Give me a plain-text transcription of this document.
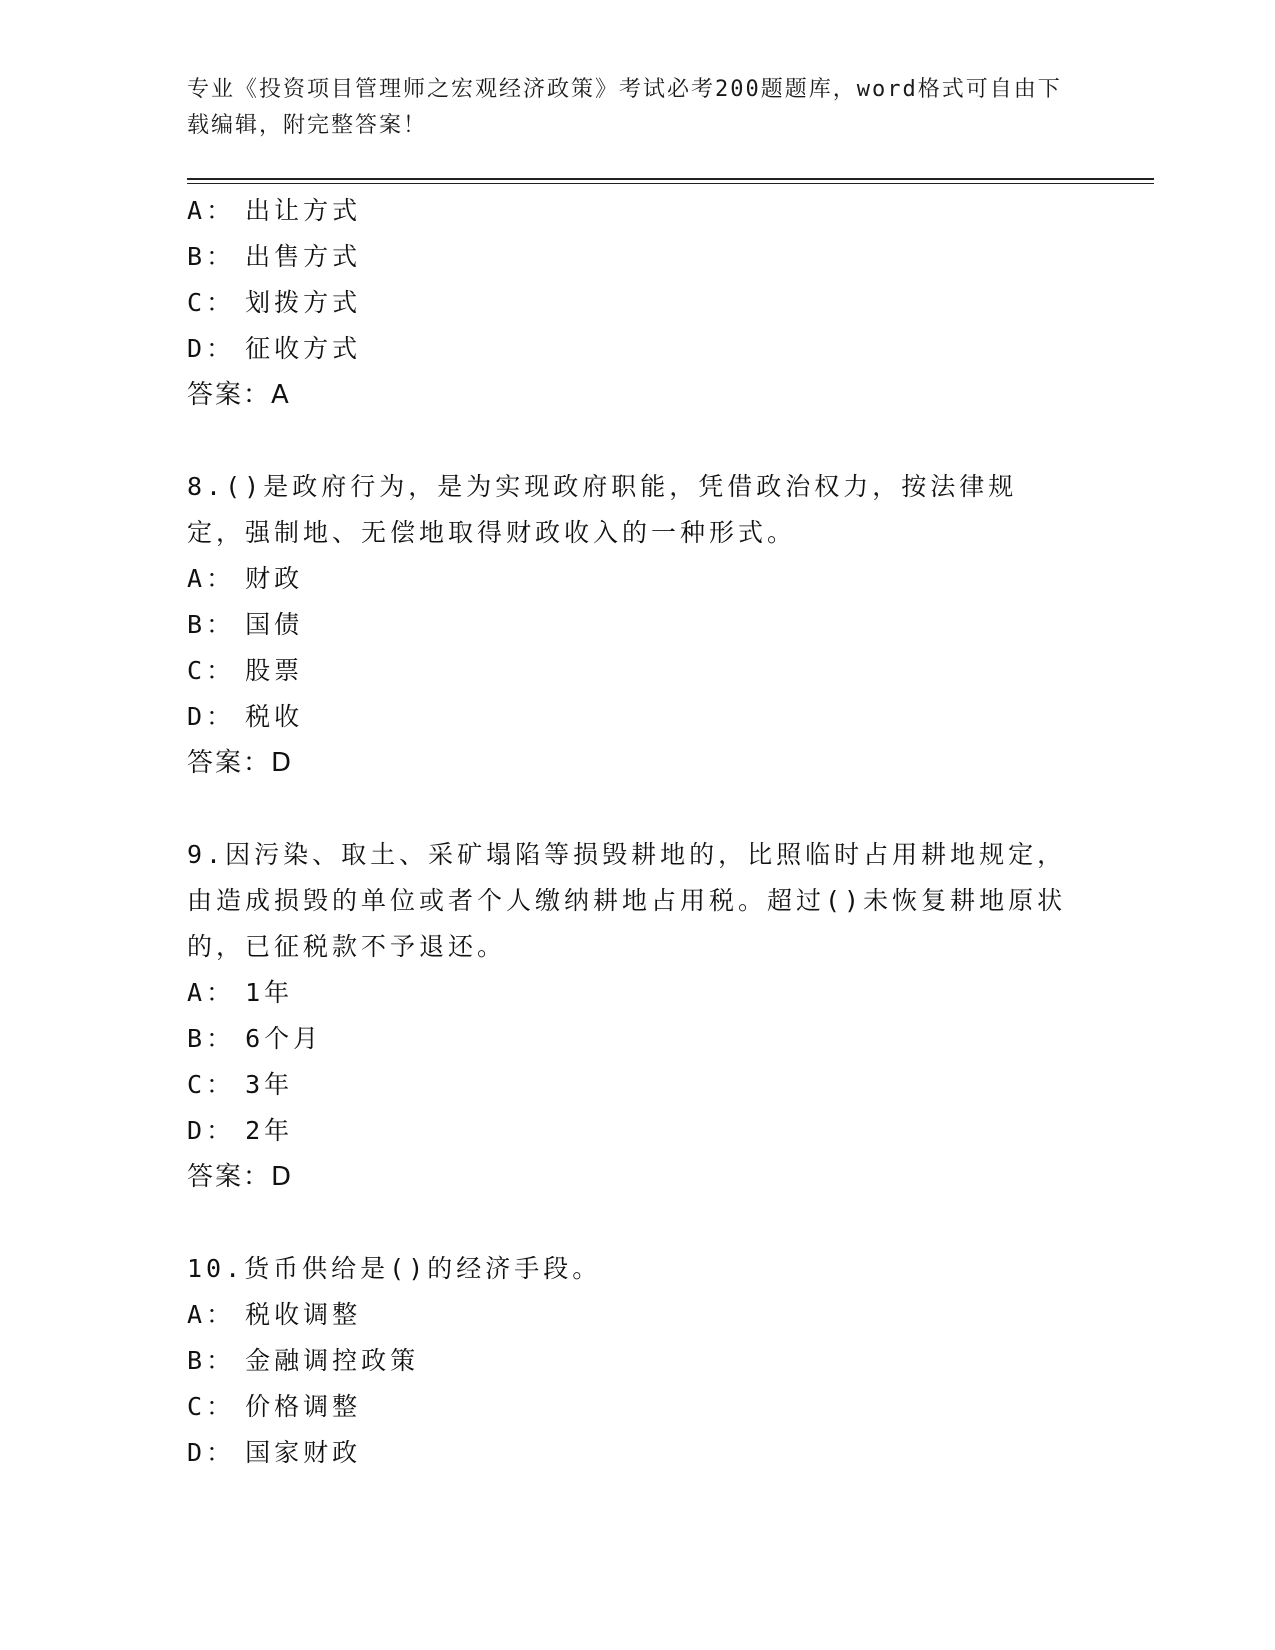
专业《投资项目管理师之宏观经济政策》考试必考200题题库，word格式可自由下载编辑，附完整答案！
A： 出让方式
B： 出售方式
C： 划拨方式
D： 征收方式
答案：A
8.()是政府行为，是为实现政府职能，凭借政治权力，按法律规定，强制地、无偿地取得财政收入的一种形式。
A： 财政
B： 国债
C： 股票
D： 税收
答案：D
9.因污染、取土、采矿塌陷等损毁耕地的，比照临时占用耕地规定，由造成损毁的单位或者个人缴纳耕地占用税。超过()未恢复耕地原状的，已征税款不予退还。
A： 1年
B： 6个月
C： 3年
D： 2年
答案：D
10.货币供给是()的经济手段。
A： 税收调整
B： 金融调控政策
C： 价格调整
D： 国家财政
